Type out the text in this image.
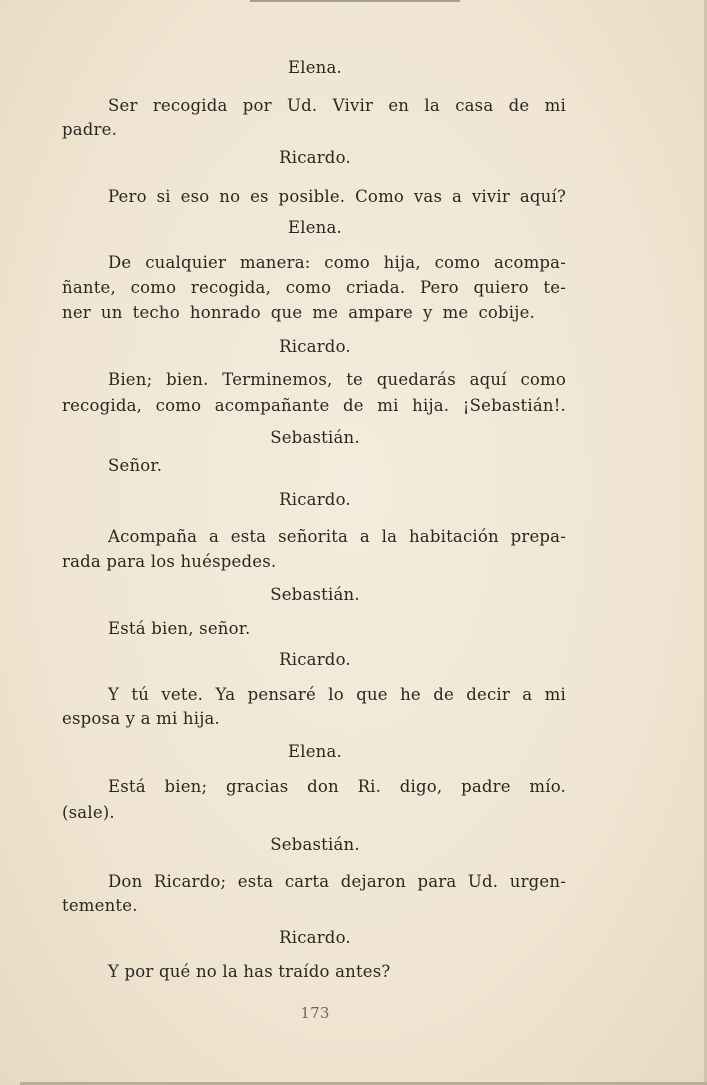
Elena.
Ser recogida por Ud. Vivir en la casa de mi
padre.
Ricardo.
Pero si eso no es posible. Como vas a vivir aquí?
Elena.
De cualquier manera: como hija, como acompa-
ñante, como recogida, como criada. Pero quiero te-
ner un techo honrado que me ampare y me cobije.
Ricardo.
Bien; bien. Terminemos, te quedarás aquí como
recogida, como acompañante de mi hija. ¡Sebastián!.
Sebastián.
Señor.
Ricardo.
Acompaña a esta señorita a la habitación prepa-
rada para los huéspedes.
Sebastián.
Está bien, señor.
Ricardo.
Y tú vete. Ya pensaré lo que he de decir a mi
esposa y a mi hija.
Elena.
Está bien; gracias don Ri. digo, padre mío.
(sale).
Sebastián.
Don Ricardo; esta carta dejaron para Ud. urgen-
temente.
Ricardo.
Y por qué no la has traído antes?
173
